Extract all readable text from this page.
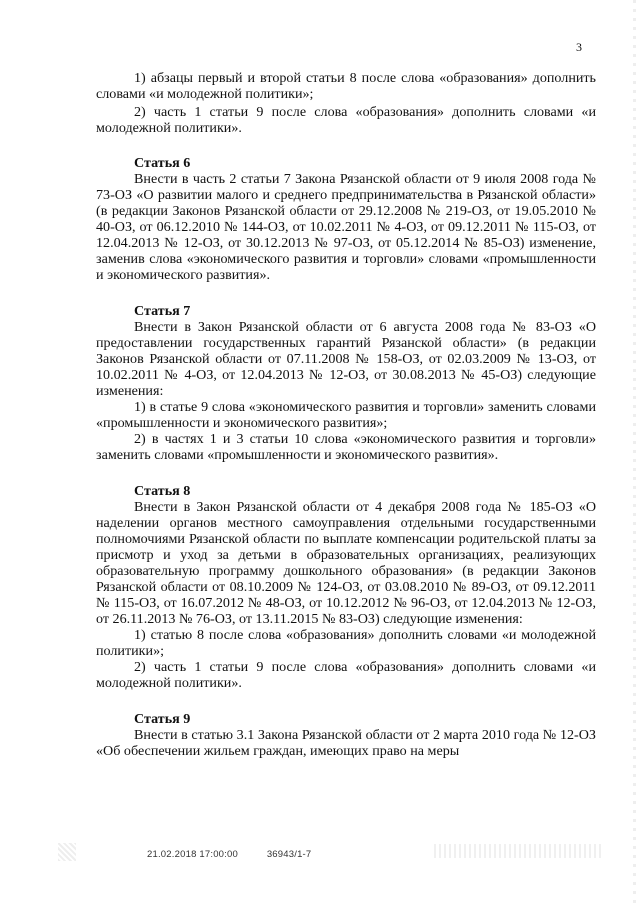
3

1) абзацы первый и второй статьи 8 после слова «образования» дополнить словами «и молодежной политики»;

2) часть 1 статьи 9 после слова «образования» дополнить словами «и молодежной политики».

Статья 6

Внести в часть 2 статьи 7 Закона Рязанской области от 9 июля 2008 года № 73-ОЗ «О развитии малого и среднего предпринимательства в Рязанской области» (в редакции Законов Рязанской области от 29.12.2008 № 219-ОЗ, от 19.05.2010 № 40-ОЗ, от 06.12.2010 № 144-ОЗ, от 10.02.2011 № 4-ОЗ, от 09.12.2011 № 115-ОЗ, от 12.04.2013 № 12-ОЗ, от 30.12.2013 № 97-ОЗ, от 05.12.2014 № 85-ОЗ) изменение, заменив слова «экономического развития и торговли» словами «промышленности и экономического развития».

Статья 7

Внести в Закон Рязанской области от 6 августа 2008 года № 83-ОЗ «О предоставлении государственных гарантий Рязанской области» (в редакции Законов Рязанской области от 07.11.2008 № 158-ОЗ, от 02.03.2009 № 13-ОЗ, от 10.02.2011 № 4-ОЗ, от 12.04.2013 № 12-ОЗ, от 30.08.2013 № 45-ОЗ) следующие изменения:

1) в статье 9 слова «экономического развития и торговли» заменить словами «промышленности и экономического развития»;

2) в частях 1 и 3 статьи 10 слова «экономического развития и торговли» заменить словами «промышленности и экономического развития».

Статья 8

Внести в Закон Рязанской области от 4 декабря 2008 года № 185-ОЗ «О наделении органов местного самоуправления отдельными государственными полномочиями Рязанской области по выплате компенсации родительской платы за присмотр и уход за детьми в образовательных организациях, реализующих образовательную программу дошкольного образования» (в редакции Законов Рязанской области от 08.10.2009 № 124-ОЗ, от 03.08.2010 № 89-ОЗ, от 09.12.2011 № 115-ОЗ, от 16.07.2012 № 48-ОЗ, от 10.12.2012 № 96-ОЗ, от 12.04.2013 № 12-ОЗ, от 26.11.2013 № 76-ОЗ, от 13.11.2015 № 83-ОЗ) следующие изменения:

1) статью 8 после слова «образования» дополнить словами «и молодежной политики»;

2) часть 1 статьи 9 после слова «образования» дополнить словами «и молодежной политики».

Статья 9

Внести в статью 3.1 Закона Рязанской области от 2 марта 2010 года № 12-ОЗ «Об обеспечении жильем граждан, имеющих право на меры

21.02.2018 17:00:00	36943/1-7
